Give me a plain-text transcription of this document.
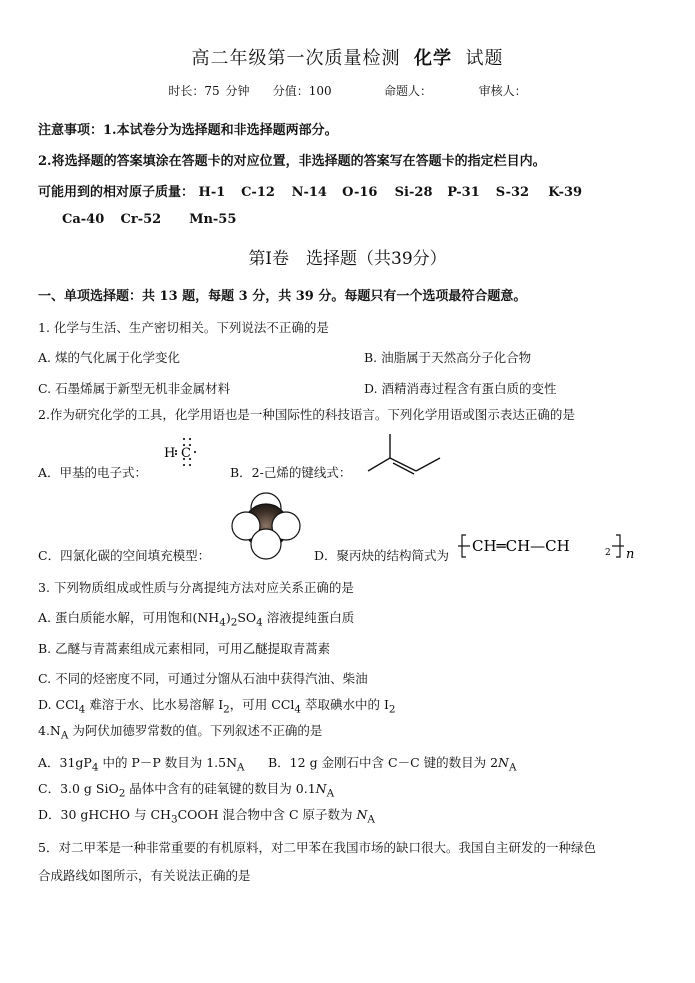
高二年级第一次质量检测 化学 试题
时长：75 分钟 分值：100	命题人：	审核人：
注意事项：1.本试卷分为选择题和非选择题两部分。
2.将选择题的答案填涂在答题卡的对应位置，非选择题的答案写在答题卡的指定栏目内。
可能用到的相对原子质量： H-1 C-12 N-14 O-16 Si-28 P-31 S-32 K-39
Ca-40 Cr-52 Mn-55
第Ⅰ卷　选择题（共39分）
一、单项选择题：共 13 题，每题 3 分，共 39 分。每题只有一个选项最符合题意。
1. 化学与生活、生产密切相关。下列说法不正确的是
A. 煤的气化属于化学变化	B. 油脂属于天然高分子化合物
C. 石墨烯属于新型无机非金属材料	D. 酒精消毒过程含有蛋白质的变性
2.作为研究化学的工具，化学用语也是一种国际性的科技语言。下列化学用语或图示表达正确的是
A．甲基的电子式：
H C
B．2-己烯的键线式：
C．四氯化碳的空间填充模型：	D．聚丙炔的结构简式为
CH═CH—CH	2 n
3. 下列物质组成或性质与分离提纯方法对应关系正确的是
A. 蛋白质能水解，可用饱和$(NH_4)_2SO_4$ 溶液提纯蛋白质
B. 乙醚与青蒿素组成元素相同，可用乙醚提取青蒿素
C. 不同的烃密度不同，可通过分馏从石油中获得汽油、柴油
D. CCl$_4$ 难溶于水、比水易溶解 $I_2$，可用 CCl$_4$ 萃取碘水中的 $I_2$
$4.N_A$ 为阿伏加德罗常数的值。下列叙述不正确的是
A．$31gP_4$ 中的 P－P 数目为 $1.5N_A$ B．12 g 金刚石中含 C－C 键的数目为 $2N_A$
C．3.0 g SiO$_2$ 晶体中含有的硅氧键的数目为 $0.1N_A$
D．30 gHCHO 与 $CH_3COOH$ 混合物中含 C 原子数为 $N_A$
5．对二甲苯是一种非常重要的有机原料，对二甲苯在我国市场的缺口很大。我国自主研发的一种绿色
合成路线如图所示，有关说法正确的是
